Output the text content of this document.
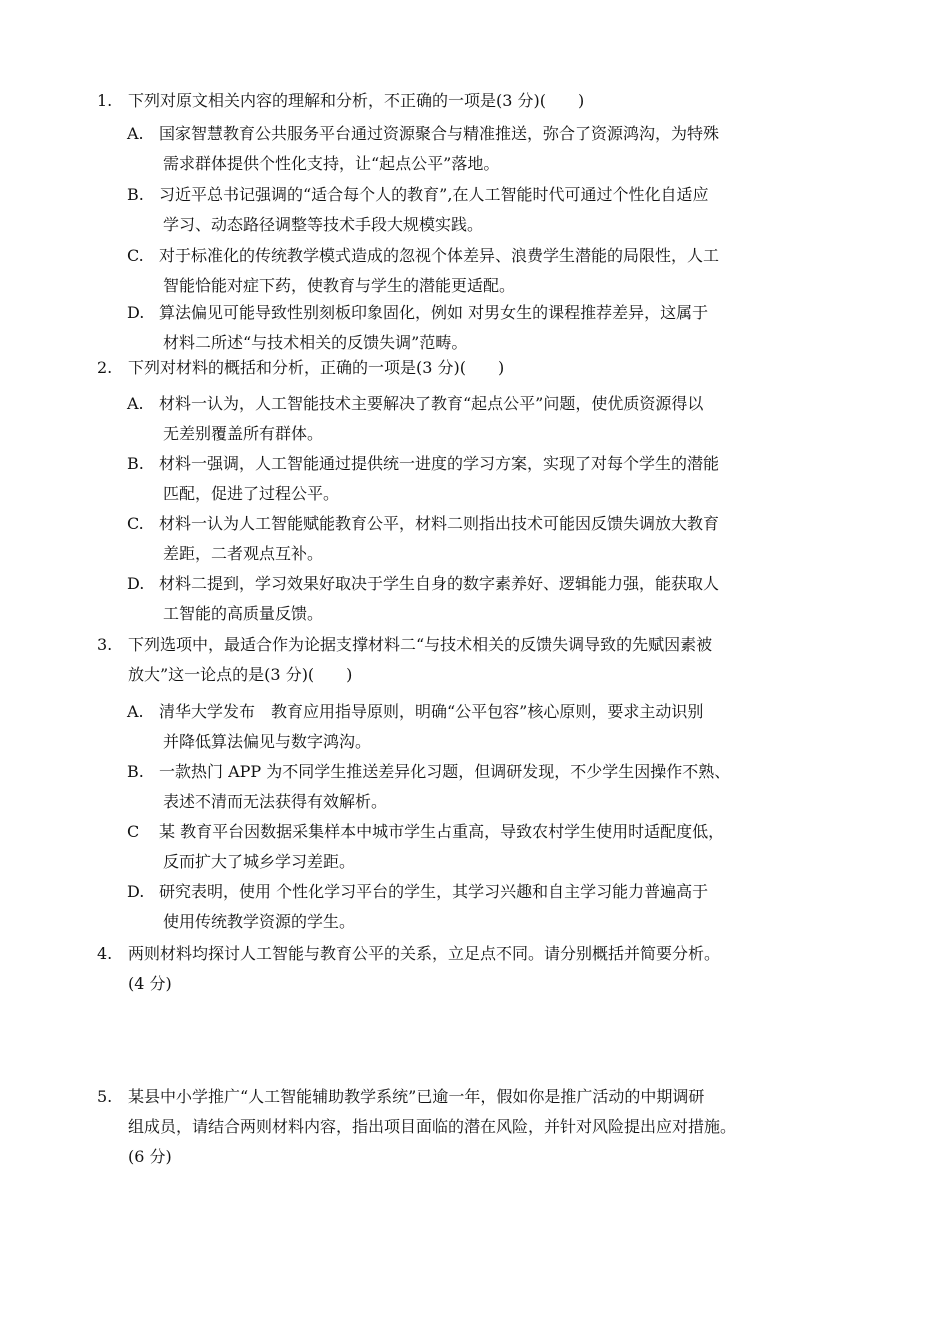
1. 下列对原文相关内容的理解和分析，不正确的一项是(3 分)(　　)

A. 国家智慧教育公共服务平台通过资源聚合与精准推送，弥合了资源鸿沟，为特殊

需求群体提供个性化支持，让“起点公平”落地。

B. 习近平总书记强调的“适合每个人的教育”,在人工智能时代可通过个性化自适应

学习、动态路径调整等技术手段大规模实践。

C. 对于标准化的传统教学模式造成的忽视个体差异、浪费学生潜能的局限性，人工

智能恰能对症下药，使教育与学生的潜能更适配。

D. 算法偏见可能导致性别刻板印象固化，例如 对男女生的课程推荐差异，这属于

材料二所述“与技术相关的反馈失调”范畴。

2. 下列对材料的概括和分析，正确的一项是(3 分)(　　)

A. 材料一认为，人工智能技术主要解决了教育“起点公平”问题，使优质资源得以

无差别覆盖所有群体。

B. 材料一强调，人工智能通过提供统一进度的学习方案，实现了对每个学生的潜能

匹配，促进了过程公平。

C. 材料一认为人工智能赋能教育公平，材料二则指出技术可能因反馈失调放大教育

差距，二者观点互补。

D. 材料二提到，学习效果好取决于学生自身的数字素养好、逻辑能力强，能获取人

工智能的高质量反馈。

3. 下列选项中，最适合作为论据支撑材料二“与技术相关的反馈失调导致的先赋因素被

放大”这一论点的是(3 分)(　　)

A. 清华大学发布　教育应用指导原则，明确“公平包容”核心原则，要求主动识别

并降低算法偏见与数字鸿沟。

B. 一款热门 APP 为不同学生推送差异化习题，但调研发现，不少学生因操作不熟、

表述不清而无法获得有效解析。

C 某 教育平台因数据采集样本中城市学生占重高，导致农村学生使用时适配度低，

反而扩大了城乡学习差距。

D. 研究表明，使用 个性化学习平台的学生，其学习兴趣和自主学习能力普遍高于

使用传统教学资源的学生。

4. 两则材料均探讨人工智能与教育公平的关系，立足点不同。请分别概括并简要分析。

(4 分)

5. 某县中小学推广“人工智能辅助教学系统”已逾一年，假如你是推广活动的中期调研

组成员，请结合两则材料内容，指出项目面临的潜在风险，并针对风险提出应对措施。

(6 分)
